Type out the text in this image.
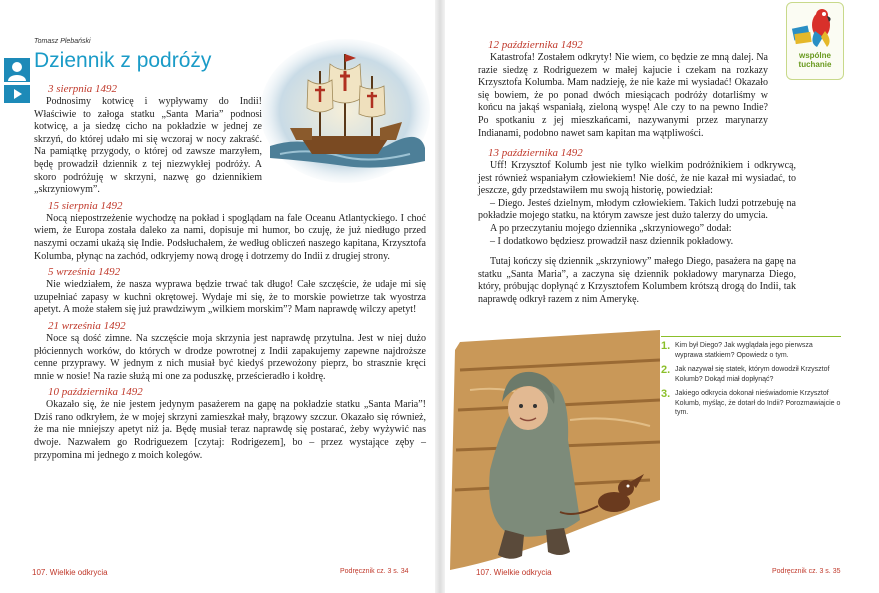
Tomasz Plebański
Dziennik z podróży
3 sierpnia 1492

Podnosimy kotwicę i wypływamy do Indii! Właściwie to załoga statku „Santa Maria” podnosi kotwicę, a ja siedzę cicho na pokładzie w jednej ze skrzyń, do której udało mi się wczoraj w nocy zakraść. Na pamiątkę przygody, o której od zawsze marzyłem, będę prowadził dziennik z tej niezwykłej podróży. A skoro podróżuję w skrzyni, nazwę go dziennikiem „skrzyniowym”.

15 sierpnia 1492

Nocą niepostrzeżenie wychodzę na pokład i spoglądam na fale Oceanu Atlantyckiego. I choć wiem, że Europa została daleko za nami, dopisuje mi humor, bo czuję, że już niedługo przed naszymi oczami ukażą się Indie. Podsłuchałem, że według obliczeń naszego kapitana, Krzysztofa Kolumba, płynąc na zachód, odkryjemy nową drogę i dotrzemy do Indii z drugiej strony.

5 września 1492

Nie wiedziałem, że nasza wyprawa będzie trwać tak długo! Całe szczęście, że udaje mi się uzupełniać zapasy w kuchni okrętowej. Wydaje mi się, że to morskie powietrze tak wyostrza apetyt. A może stałem się już prawdziwym „wilkiem morskim”? Mam naprawdę wilczy apetyt!

21 września 1492

Noce są dość zimne. Na szczęście moja skrzynia jest naprawdę przytulna. Jest w niej dużo płóciennych worków, do których w drodze powrotnej z Indii zapakujemy zapewne najdroższe cenne przyprawy. W jednym z nich musiał być kiedyś przewożony pieprz, bo strasznie kręci mnie w nosie! Na razie służą mi one za poduszkę, prześcieradło i kołdrę.

10 października 1492

Okazało się, że nie jestem jedynym pasażerem na gapę na pokładzie statku „Santa Maria”! Dziś rano odkryłem, że w mojej skrzyni zamieszkał mały, brązowy szczur. Okazało się również, że ma nie mniejszy apetyt niż ja. Będę musiał teraz naprawdę się postarać, żeby wyżywić nas dwoje. Nazwałem go Rodriguezem [czytaj: Rodrigezem], bo – przez wystające zęby – przypomina mi jednego z moich kolegów.

12 października 1492

Katastrofa! Zostałem odkryty! Nie wiem, co będzie ze mną dalej. Na razie siedzę z Rodriguezem w małej kajucie i czekam na rozkazy Krzysztofa Kolumba. Mam nadzieję, że nie każe mi wysiadać! Okazało się bowiem, że po ponad dwóch miesiącach podróży dotarliśmy w końcu na jakąś wspaniałą, zieloną wyspę! Ale czy to na pewno Indie? Po spotkaniu z jej mieszkańcami, nazywanymi przez marynarzy Indianami, podobno nawet sam kapitan ma wątpliwości.

13 października 1492

Uff! Krzysztof Kolumb jest nie tylko wielkim podróżnikiem i odkrywcą, jest również wspaniałym człowiekiem! Nie dość, że nie kazał mi wysiadać, to jeszcze, gdy przedstawiłem mu swoją historię, powiedział:

– Diego. Jesteś dzielnym, młodym człowiekiem. Takich ludzi potrzebuję na pokładzie mojego statku, na którym zawsze jest dużo talerzy do umycia.

A po przeczytaniu mojego dziennika „skrzyniowego” dodał:

– I dodatkowo będziesz prowadził nasz dziennik pokładowy.

Tutaj kończy się dziennik „skrzyniowy” małego Diego, pasażera na gapę na statku „Santa Maria”, a zaczyna się dziennik pokładowy marynarza Diego, który, próbując dopłynąć z Krzysztofem Kolumbem krótszą drogą do Indii, tak naprawdę odkrył razem z nim Amerykę.

wspólne
tuchanie
1. Kim był Diego? Jak wyglądała jego pierwsza wyprawa statkiem? Opowiedz o tym.
2. Jak nazywał się statek, którym dowodził Krzysztof Kolumb? Dokąd miał dopłynąć?
3. Jakiego odkrycia dokonał nieświadomie Krzysztof Kolumb, myśląc, że dotarł do Indii? Porozmawiajcie o tym.
107. Wielkie odkrycia	Podręcznik cz. 3 s. 34	107. Wielkie odkrycia	Podręcznik cz. 3 s. 35
